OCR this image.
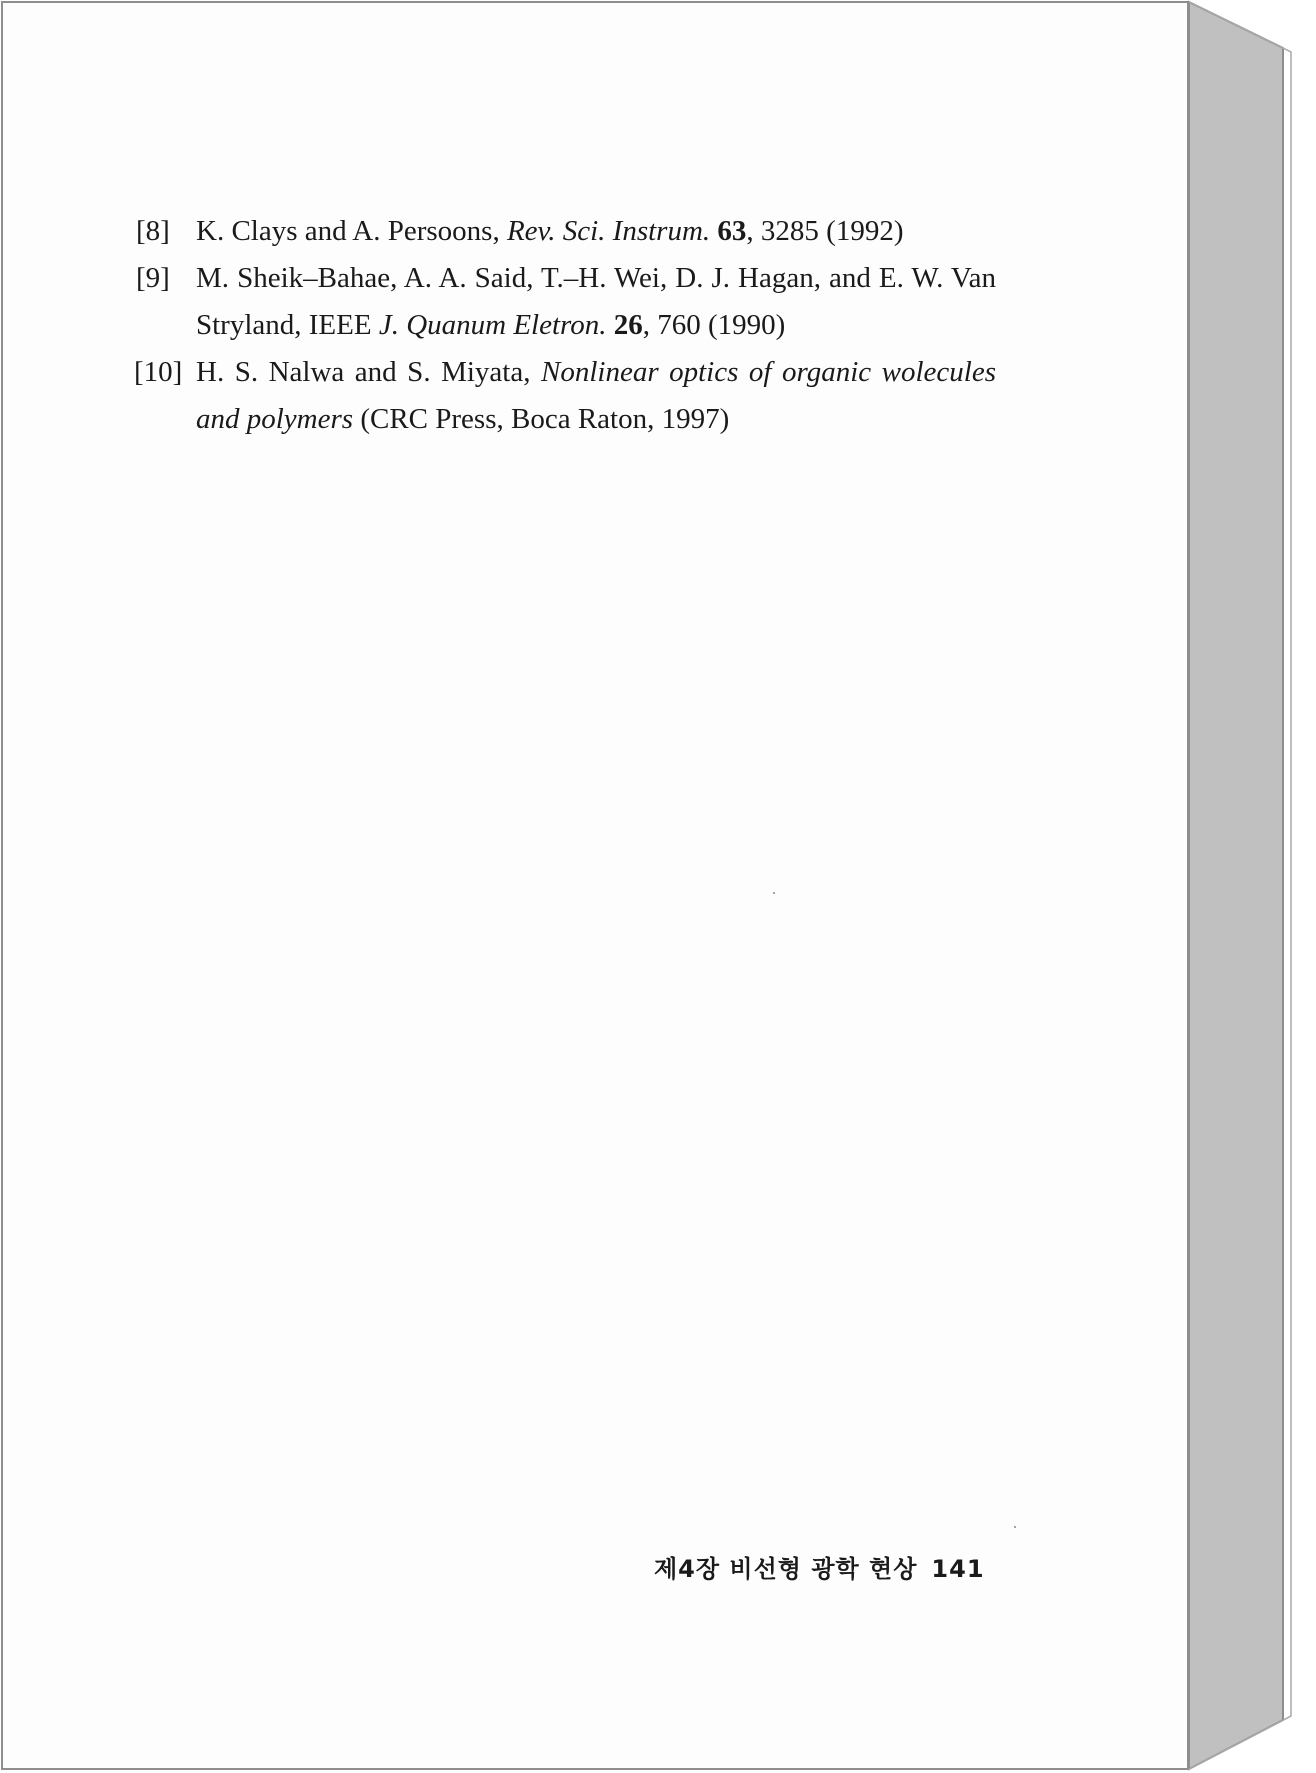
[8] K. Clays and A. Persoons, Rev. Sci. Instrum. 63, 3285 (1992)
[9] M. Sheik–Bahae, A. A. Said, T.–H. Wei, D. J. Hagan, and E. W. Van Stryland, IEEE J. Quanum Eletron. 26, 760 (1990)
[10] H. S. Nalwa and S. Miyata, Nonlinear optics of organic wolecules and polymers (CRC Press, Boca Raton, 1997)
제4장 비선형 광학 현상 141
